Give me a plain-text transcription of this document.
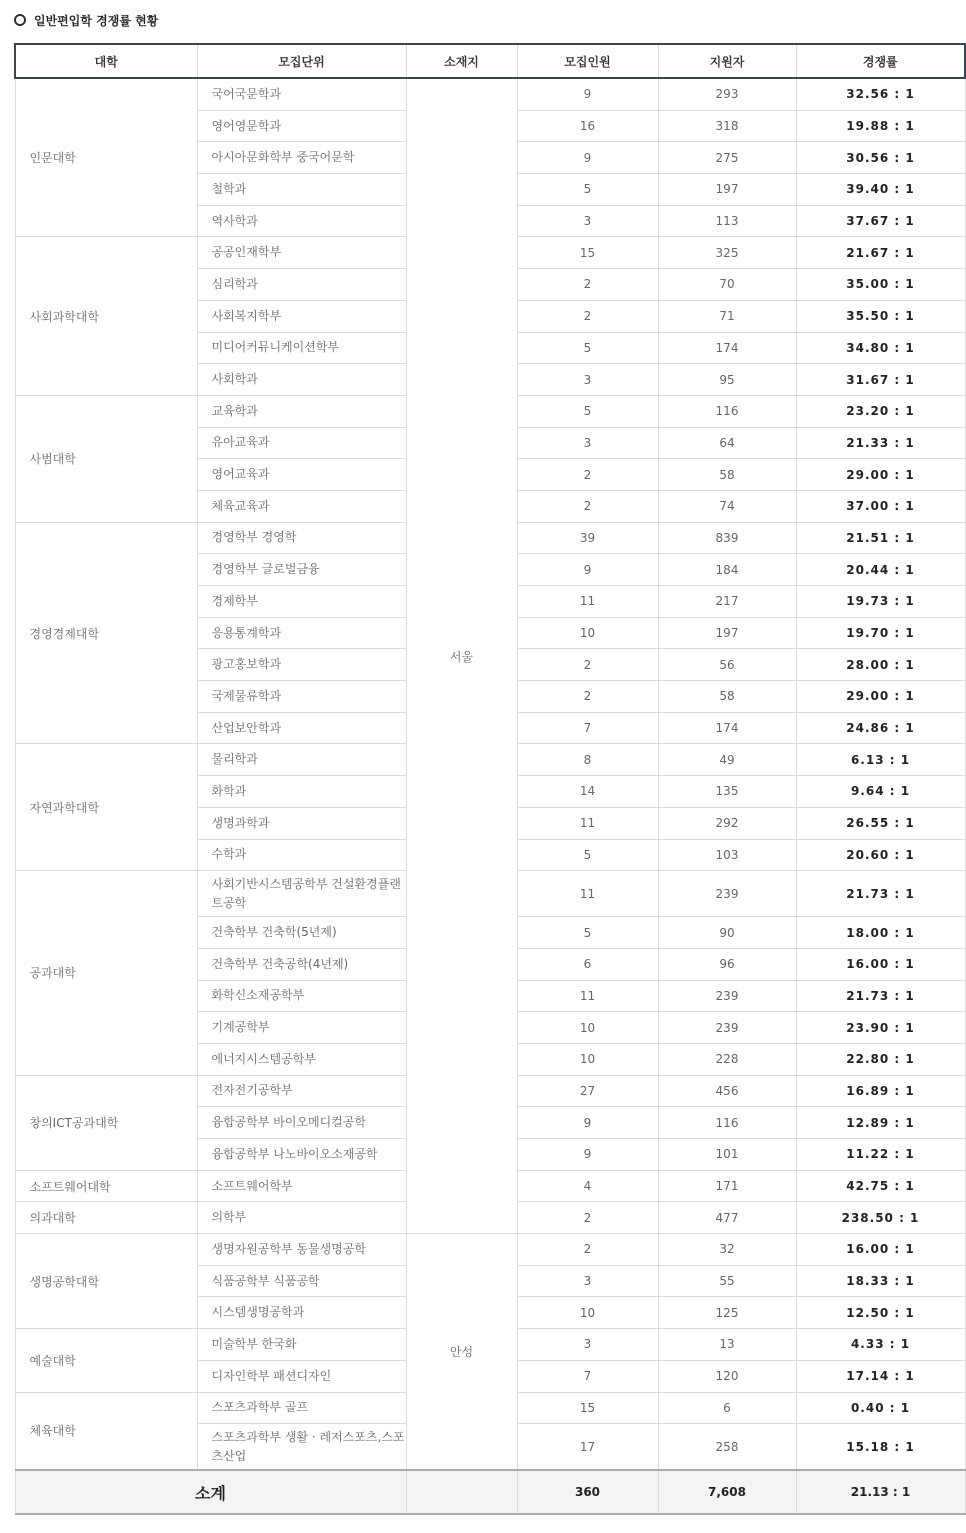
일반편입학 경쟁률 현황
대학	모집단위	소재지	모집인원	지원자	경쟁률
인문대학	국어국문학과	서울	9	293	32.56 : 1
	영어영문학과		16	318	19.88 : 1
	아시아문화학부 중국어문학		9	275	30.56 : 1
	철학과		5	197	39.40 : 1
	역사학과		3	113	37.67 : 1
사회과학대학	공공인재학부		15	325	21.67 : 1
	심리학과		2	70	35.00 : 1
	사회복지학부		2	71	35.50 : 1
	미디어커뮤니케이션학부		5	174	34.80 : 1
	사회학과		3	95	31.67 : 1
사범대학	교육학과		5	116	23.20 : 1
	유아교육과		3	64	21.33 : 1
	영어교육과		2	58	29.00 : 1
	체육교육과		2	74	37.00 : 1
경영경제대학	경영학부 경영학		39	839	21.51 : 1
	경영학부 글로벌금융		9	184	20.44 : 1
	경제학부		11	217	19.73 : 1
	응용통계학과		10	197	19.70 : 1
	광고홍보학과		2	56	28.00 : 1
	국제물류학과		2	58	29.00 : 1
	산업보안학과		7	174	24.86 : 1
자연과학대학	물리학과		8	49	6.13 : 1
	화학과		14	135	9.64 : 1
	생명과학과		11	292	26.55 : 1
	수학과		5	103	20.60 : 1
공과대학	사회기반시스템공학부 건설환경플랜트공학		11	239	21.73 : 1
	건축학부 건축학(5년제)		5	90	18.00 : 1
	건축학부 건축공학(4년제)		6	96	16.00 : 1
	화학신소재공학부		11	239	21.73 : 1
	기계공학부		10	239	23.90 : 1
	에너지시스템공학부		10	228	22.80 : 1
창의ICT공과대학	전자전기공학부		27	456	16.89 : 1
	융합공학부 바이오메디컬공학		9	116	12.89 : 1
	융합공학부 나노바이오소재공학		9	101	11.22 : 1
소프트웨어대학	소프트웨어학부		4	171	42.75 : 1
의과대학	의학부		2	477	238.50 : 1
생명공학대학	생명자원공학부 동물생명공학	안성	2	32	16.00 : 1
	식품공학부 식품공학		3	55	18.33 : 1
	시스템생명공학과		10	125	12.50 : 1
예술대학	미술학부 한국화		3	13	4.33 : 1
	디자인학부 패션디자인		7	120	17.14 : 1
체육대학	스포츠과학부 골프		15	6	0.40 : 1
	스포츠과학부 생활 · 레저스포츠,스포츠산업		17	258	15.18 : 1
소계			360	7,608	21.13 : 1
